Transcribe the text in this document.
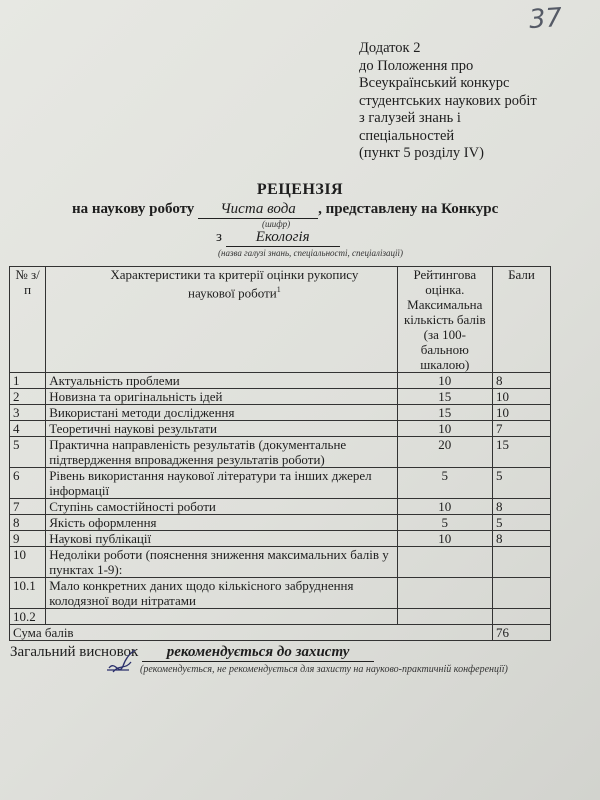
37
Додаток 2
до Положення про
Всеукраїнський конкурс
студентських наукових робіт
з галузей знань і
спеціальностей
(пункт 5 розділу IV)
РЕЦЕНЗІЯ
на наукову роботу Чиста вода , представлену на Конкурс
(шифр)
з Екологія
(назва галузі знань, спеціальності, спеціалізації)
№ з/п	Характеристики та критерії оцінки рукопису наукової роботи$^1$	Рейтингова оцінка. Максимальна кількість балів (за 100-бальною шкалою)	Бали
1	Актуальність проблеми	10	8
2	Новизна та оригінальність ідей	15	10
3	Використані методи дослідження	15	10
4	Теоретичні наукові результати	10	7
5	Практична направленість результатів (документальне підтвердження впровадження результатів роботи)	20	15
6	Рівень використання наукової літератури та інших джерел інформації	5	5
7	Ступінь самостійності роботи	10	8
8	Якість оформлення	5	5
9	Наукові публікації	10	8
10	Недоліки роботи (пояснення зниження максимальних балів у пунктах 1-9):		
10.1	Мало конкретних даних щодо кількісного забруднення колодязної води нітратами		
10.2			
Сума балів			76
Загальний висновок рекомендується до захисту
(рекомендується, не рекомендується для захисту на науково-практичній конференції)
